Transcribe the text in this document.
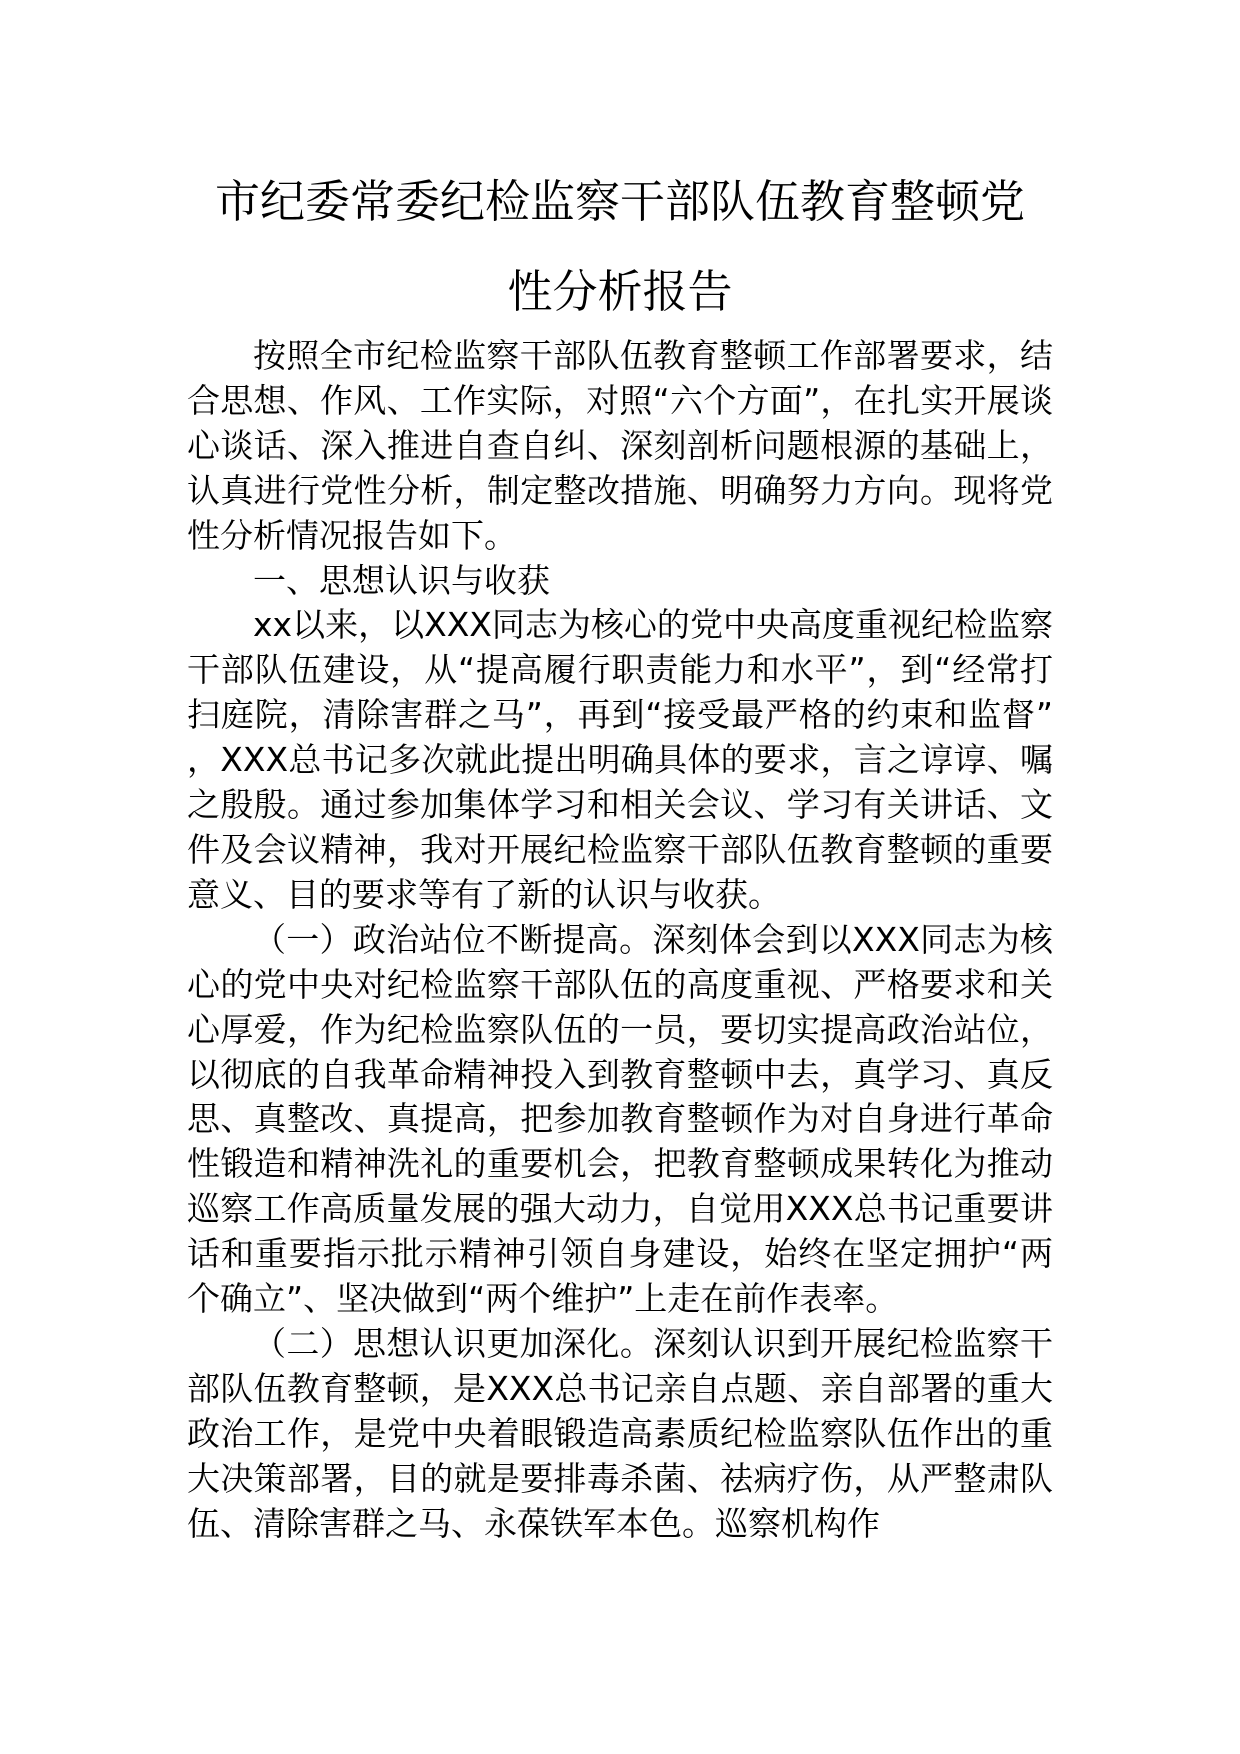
市纪委常委纪检监察干部队伍教育整顿党
性分析报告

按照全市纪检监察干部队伍教育整顿工作部署要求，结合思想、作风、工作实际，对照“六个方面”，在扎实开展谈心谈话、深入推进自查自纠、深刻剖析问题根源的基础上，认真进行党性分析，制定整改措施、明确努力方向。现将党性分析情况报告如下。

一、思想认识与收获

xx以来，以XXX同志为核心的党中央高度重视纪检监察干部队伍建设，从“提高履行职责能力和水平”，到“经常打扫庭院，清除害群之马”，再到“接受最严格的约束和监督”，XXX总书记多次就此提出明确具体的要求，言之谆谆、嘱之殷殷。通过参加集体学习和相关会议、学习有关讲话、文件及会议精神，我对开展纪检监察干部队伍教育整顿的重要意义、目的要求等有了新的认识与收获。

（一）政治站位不断提高。深刻体会到以XXX同志为核心的党中央对纪检监察干部队伍的高度重视、严格要求和关心厚爱，作为纪检监察队伍的一员，要切实提高政治站位，以彻底的自我革命精神投入到教育整顿中去，真学习、真反思、真整改、真提高，把参加教育整顿作为对自身进行革命性锻造和精神洗礼的重要机会，把教育整顿成果转化为推动巡察工作高质量发展的强大动力，自觉用XXX总书记重要讲话和重要指示批示精神引领自身建设，始终在坚定拥护“两个确立”、坚决做到“两个维护”上走在前作表率。

（二）思想认识更加深化。深刻认识到开展纪检监察干部队伍教育整顿，是XXX总书记亲自点题、亲自部署的重大政治工作，是党中央着眼锻造高素质纪检监察队伍作出的重大决策部署，目的就是要排毒杀菌、祛病疗伤，从严整肃队伍、清除害群之马、永葆铁军本色。巡察机构作
